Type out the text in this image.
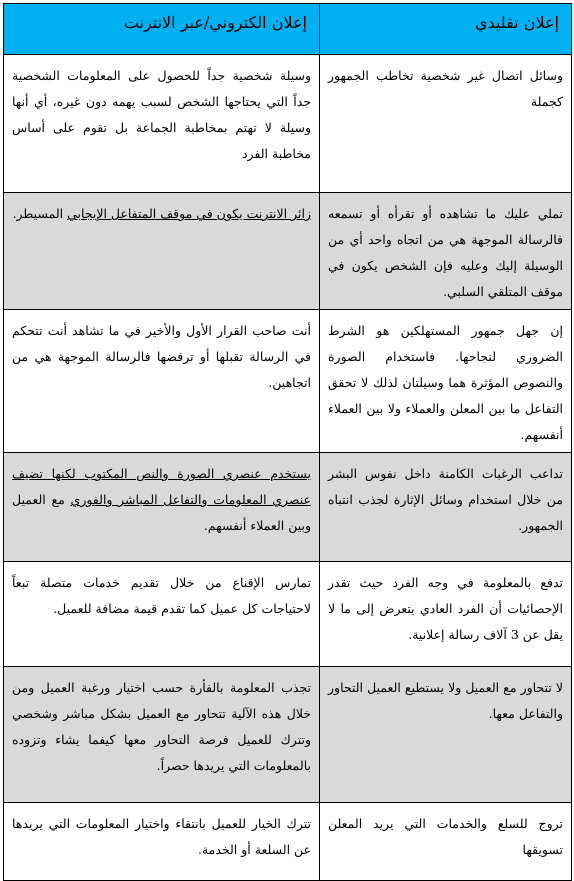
إعلان تقليدي	إعلان الكتروني/عبر الانترنت
وسائل اتصال غير شخصية تخاطب الجمهور كجملة	وسيلة شخصية جداً للحصول على المعلومات الشخصية جداً التي يحتاجها الشخص لسبب يهمه دون غيره، أي أنها وسيلة لا تهتم بمخاطبة الجماعة بل تقوم على أساس مخاطبة الفرد
تملي عليك ما تشاهده أو تقرأه أو تسمعه فالرسالة الموجهة هي من اتجاه واحد أي من الوسيلة إليك وعليه فإن الشخص يكون في موقف المتلقي السلبي.	زائر الانترنت يكون في موقف المتفاعل الإيجابي المسيطر.
إن جهل جمهور المستهلكين هو الشرط الضروري لنجاحها. فاستخدام الصورة والنصوص المؤثرة هما وسيلتان لذلك لا تحقق التفاعل ما بين المعلن والعملاء ولا بين العملاء أنفسهم.	أنت صاحب القرار الأول والأخير في ما تشاهد أنت تتحكم في الرسالة تقبلها أو ترفضها فالرسالة الموجهة هي من اتجاهين.
تداعب الرغبات الكامنة داخل نفوس البشر من خلال استخدام وسائل الإثارة لجذب انتباه الجمهور.	يستخدم عنصري الصورة والنص المكتوب لكنها تضيف عنصري المعلومات والتفاعل المباشر والفوري مع العميل وبين العملاء أنفسهم.
تدفع بالمعلومة في وجه الفرد حيث تقدر الإحصائيات أن الفرد العادي يتعرض إلى ما لا يقل عن 3 آلاف رسالة إعلانية.	تمارس الإقناع من خلال تقديم خدمات متصلة تبعاً لاحتياجات كل عميل كما تقدم قيمة مضافة للعميل.
لا تتحاور مع العميل ولا يستطيع العميل التحاور والتفاعل معها.	تجذب المعلومة بالفأرة حسب اختيار ورغبة العميل ومن خلال هذه الآلية تتحاور مع العميل بشكل مباشر وشخصي وتترك للعميل فرصة التحاور معها كيفما يشاء وتزوده بالمعلومات التي يريدها حصراً.
تروج للسلع والخدمات التي يريد المعلن تسويقها	تترك الخيار للعميل بانتقاء واختيار المعلومات التي يريدها عن السلعة أو الخدمة.
